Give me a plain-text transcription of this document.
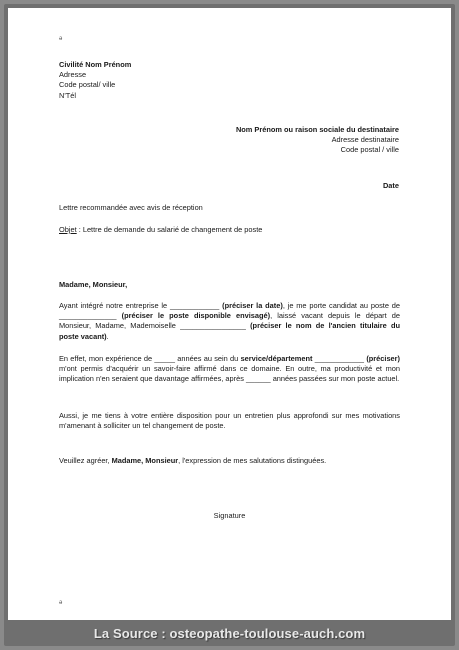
ǝ
Civilité Nom Prénom
Adresse
Code postal/ ville
N'Tél
Nom Prénom ou raison sociale du destinataire
Adresse destinataire
Code postal / ville
Date
Lettre recommandée avec avis de réception
Objet : Lettre de demande du salarié de changement de poste
Madame, Monsieur,

Ayant intégré notre entreprise le ____________ (préciser la date), je me porte candidat au poste de ______________ (préciser le poste disponible envisagé), laissé vacant depuis le départ de Monsieur, Madame, Mademoiselle ________________ (préciser le nom de l'ancien titulaire du poste vacant).

En effet, mon expérience de _____ années au sein du service/département ____________ (préciser) m'ont permis d'acquérir un savoir-faire affirmé dans ce domaine. En outre, ma productivité et mon implication n'en seraient que davantage affirmées, après ______ années passées sur mon poste actuel.

Aussi, je me tiens à votre entière disposition pour un entretien plus approfondi sur mes motivations m'amenant à solliciter un tel changement de poste.

Veuillez agréer, Madame, Monsieur, l'expression de mes salutations distinguées.

Signature
ǝ
La Source : osteopathe-toulouse-auch.com
